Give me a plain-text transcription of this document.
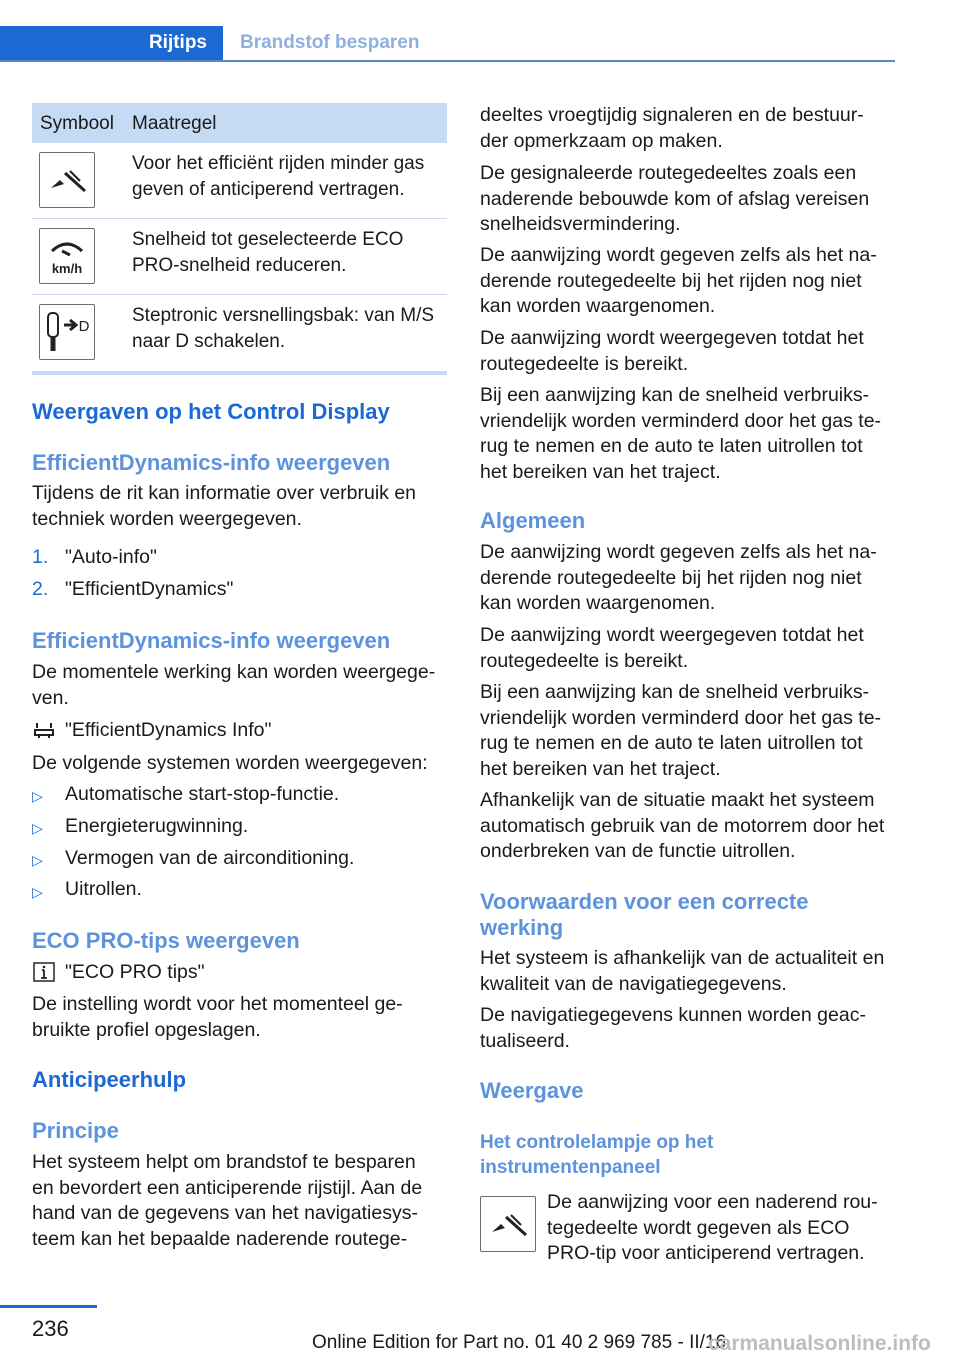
Rijtips Brandstof besparen
Symbool Maatregel
Voor het efficiënt rijden minder gas geven of anticiperend vertragen.
km/h
Snelheid tot geselecteerde ECO PRO-snelheid reduceren.
D
Steptronic versnellingsbak: van M/S naar D schakelen.
Weergaven op het Control Display
EfficientDynamics-info weergeven
Tijdens de rit kan informatie over verbruik en
techniek worden weergegeven.
1. "Auto-info"
2. "EfficientDynamics"
EfficientDynamics-info weergeven
De momentele werking kan worden weergege-
ven.
"EfficientDynamics Info"
De volgende systemen worden weergegeven:
▷ Automatische start-stop-functie.
▷ Energieterugwinning.
▷ Vermogen van de airconditioning.
▷ Uitrollen.
ECO PRO-tips weergeven
"ECO PRO tips"
De instelling wordt voor het momenteel ge-
bruikte profiel opgeslagen.
Anticipeerhulp
Principe
Het systeem helpt om brandstof te besparen
en bevordert een anticiperende rijstijl. Aan de
hand van de gegevens van het navigatiesys-
teem kan het bepaalde naderende routege-
deeltes vroegtijdig signaleren en de bestuur-
der opmerkzaam op maken.
De gesignaleerde routegedeeltes zoals een
naderende bebouwde kom of afslag vereisen
snelheidsvermindering.
De aanwijzing wordt gegeven zelfs als het na-
derende routegedeelte bij het rijden nog niet
kan worden waargenomen.
De aanwijzing wordt weergegeven totdat het
routegedeelte is bereikt.
Bij een aanwijzing kan de snelheid verbruiks-
vriendelijk worden verminderd door het gas te-
rug te nemen en de auto te laten uitrollen tot
het bereiken van het traject.
Algemeen
De aanwijzing wordt gegeven zelfs als het na-
derende routegedeelte bij het rijden nog niet
kan worden waargenomen.
De aanwijzing wordt weergegeven totdat het
routegedeelte is bereikt.
Bij een aanwijzing kan de snelheid verbruiks-
vriendelijk worden verminderd door het gas te-
rug te nemen en de auto te laten uitrollen tot
het bereiken van het traject.
Afhankelijk van de situatie maakt het systeem
automatisch gebruik van de motorrem door het
onderbreken van de functie uitrollen.
Voorwaarden voor een correcte
werking
Het systeem is afhankelijk van de actualiteit en
kwaliteit van de navigatiegegevens.
De navigatiegegevens kunnen worden geac-
tualiseerd.
Weergave
Het controlelampje op het
instrumentenpaneel
De aanwijzing voor een naderend rou-
tegedeelte wordt gegeven als ECO
PRO-tip voor anticiperend vertragen.
236
Online Edition for Part no. 01 40 2 969 785 - II/16
carmanualsonline.info
